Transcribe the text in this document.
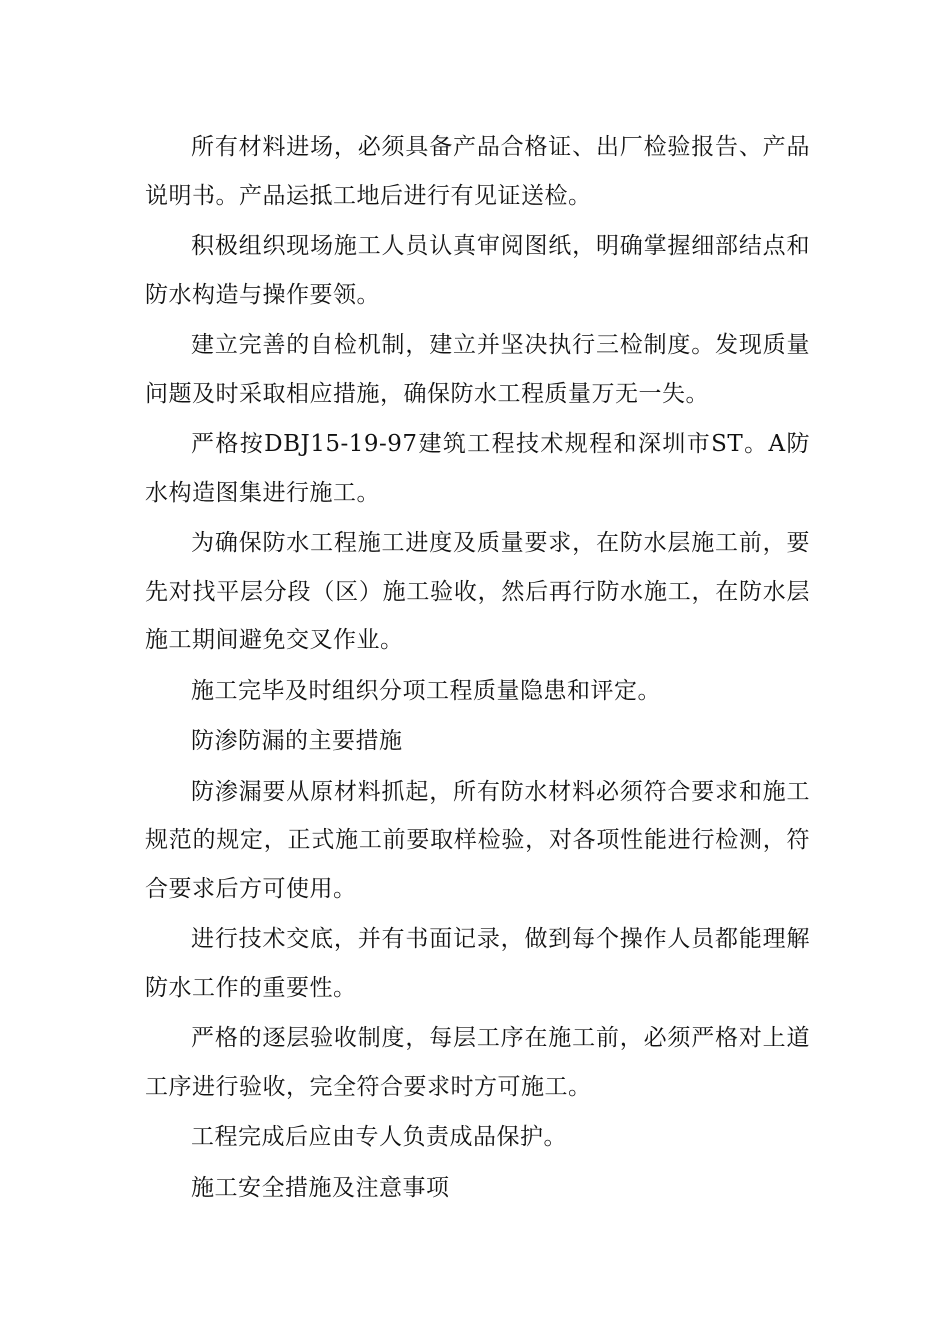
所有材料进场，必须具备产品合格证、出厂检验报告、产品说明书。产品运抵工地后进行有见证送检。

积极组织现场施工人员认真审阅图纸，明确掌握细部结点和防水构造与操作要领。

建立完善的自检机制，建立并坚决执行三检制度。发现质量问题及时采取相应措施，确保防水工程质量万无一失。

严格按DBJ15-19-97建筑工程技术规程和深圳市ST。A防水构造图集进行施工。

为确保防水工程施工进度及质量要求，在防水层施工前，要先对找平层分段（区）施工验收，然后再行防水施工，在防水层施工期间避免交叉作业。

施工完毕及时组织分项工程质量隐患和评定。

防渗防漏的主要措施

防渗漏要从原材料抓起，所有防水材料必须符合要求和施工规范的规定，正式施工前要取样检验，对各项性能进行检测，符合要求后方可使用。

进行技术交底，并有书面记录，做到每个操作人员都能理解防水工作的重要性。

严格的逐层验收制度，每层工序在施工前，必须严格对上道工序进行验收，完全符合要求时方可施工。

工程完成后应由专人负责成品保护。

施工安全措施及注意事项
